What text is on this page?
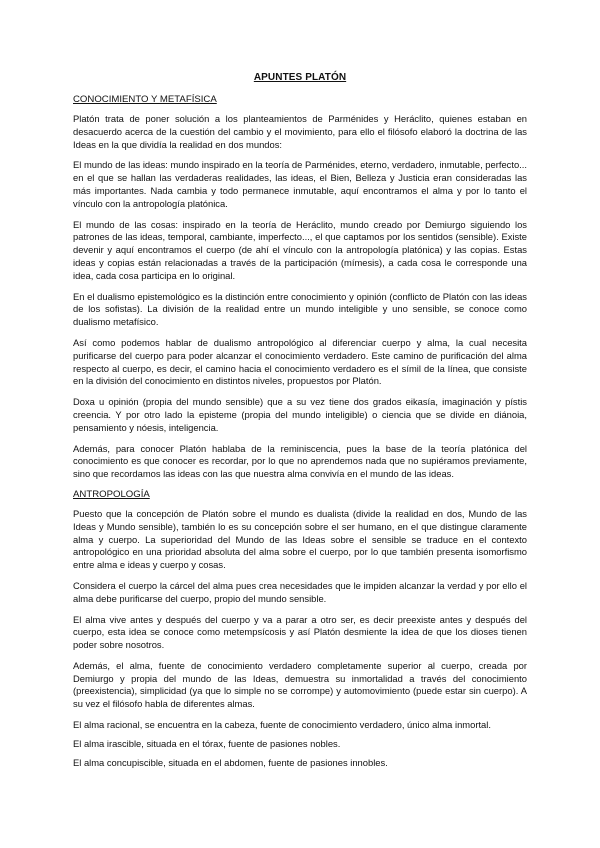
APUNTES PLATÓN
CONOCIMIENTO Y METAFÍSICA

Platón trata de poner solución a los planteamientos de Parménides y Heráclito, quienes estaban en desacuerdo acerca de la cuestión del cambio y el movimiento, para ello el filósofo elaboró la doctrina de las Ideas en la que dividía la realidad en dos mundos:

El mundo de las ideas: mundo inspirado en la teoría de Parménides, eterno, verdadero, inmutable, perfecto... en el que se hallan las verdaderas realidades, las ideas, el Bien, Belleza y Justicia eran consideradas las más importantes. Nada cambia y todo permanece inmutable, aquí encontramos el alma y por lo tanto el vínculo con la antropología platónica.

El mundo de las cosas: inspirado en la teoría de Heráclito, mundo creado por Demiurgo siguiendo los patrones de las ideas, temporal, cambiante, imperfecto..., el que captamos por los sentidos (sensible). Existe devenir y aquí encontramos el cuerpo (de ahí el vínculo con la antropología platónica) y las copias. Estas ideas y copias están relacionadas a través de la participación (mímesis), a cada cosa le corresponde una idea, cada cosa participa en lo original.

En el dualismo epistemológico es la distinción entre conocimiento y opinión (conflicto de Platón con las ideas de los sofistas). La división de la realidad entre un mundo inteligible y uno sensible, se conoce como dualismo metafísico.

Así como podemos hablar de dualismo antropológico al diferenciar cuerpo y alma, la cual necesita purificarse del cuerpo para poder alcanzar el conocimiento verdadero. Este camino de purificación del alma respecto al cuerpo, es decir, el camino hacia el conocimiento verdadero es el símil de la línea, que consiste en la división del conocimiento en distintos niveles, propuestos por Platón.

Doxa u opinión (propia del mundo sensible) que a su vez tiene dos grados eikasía, imaginación y pístis creencia. Y por otro lado la episteme (propia del mundo inteligible) o ciencia que se divide en diánoia, pensamiento y nóesis, inteligencia.

Además, para conocer Platón hablaba de la reminiscencia, pues la base de la teoría platónica del conocimiento es que conocer es recordar, por lo que no aprendemos nada que no supiéramos previamente, sino que recordamos las ideas con las que nuestra alma convivía en el mundo de las ideas.

ANTROPOLOGÍA

Puesto que la concepción de Platón sobre el mundo es dualista (divide la realidad en dos, Mundo de las Ideas y Mundo sensible), también lo es su concepción sobre el ser humano, en el que distingue claramente alma y cuerpo. La superioridad del Mundo de las Ideas sobre el sensible se traduce en el contexto antropológico en una prioridad absoluta del alma sobre el cuerpo, por lo que también presenta isomorfismo entre alma e ideas y cuerpo y cosas.

Considera el cuerpo la cárcel del alma pues crea necesidades que le impiden alcanzar la verdad y por ello el alma debe purificarse del cuerpo, propio del mundo sensible.

El alma vive antes y después del cuerpo y va a parar a otro ser, es decir preexiste antes y después del cuerpo, esta idea se conoce como metempsícosis y así Platón desmiente la idea de que los dioses tienen poder sobre nosotros.

Además, el alma, fuente de conocimiento verdadero completamente superior al cuerpo, creada por Demiurgo y propia del mundo de las Ideas, demuestra su inmortalidad a través del conocimiento (preexistencia), simplicidad (ya que lo simple no se corrompe) y automovimiento (puede estar sin cuerpo). A su vez el filósofo habla de diferentes almas.

El alma racional, se encuentra en la cabeza, fuente de conocimiento verdadero, único alma inmortal.

El alma irascible, situada en el tórax, fuente de pasiones nobles.

El alma concupiscible, situada en el abdomen, fuente de pasiones innobles.
